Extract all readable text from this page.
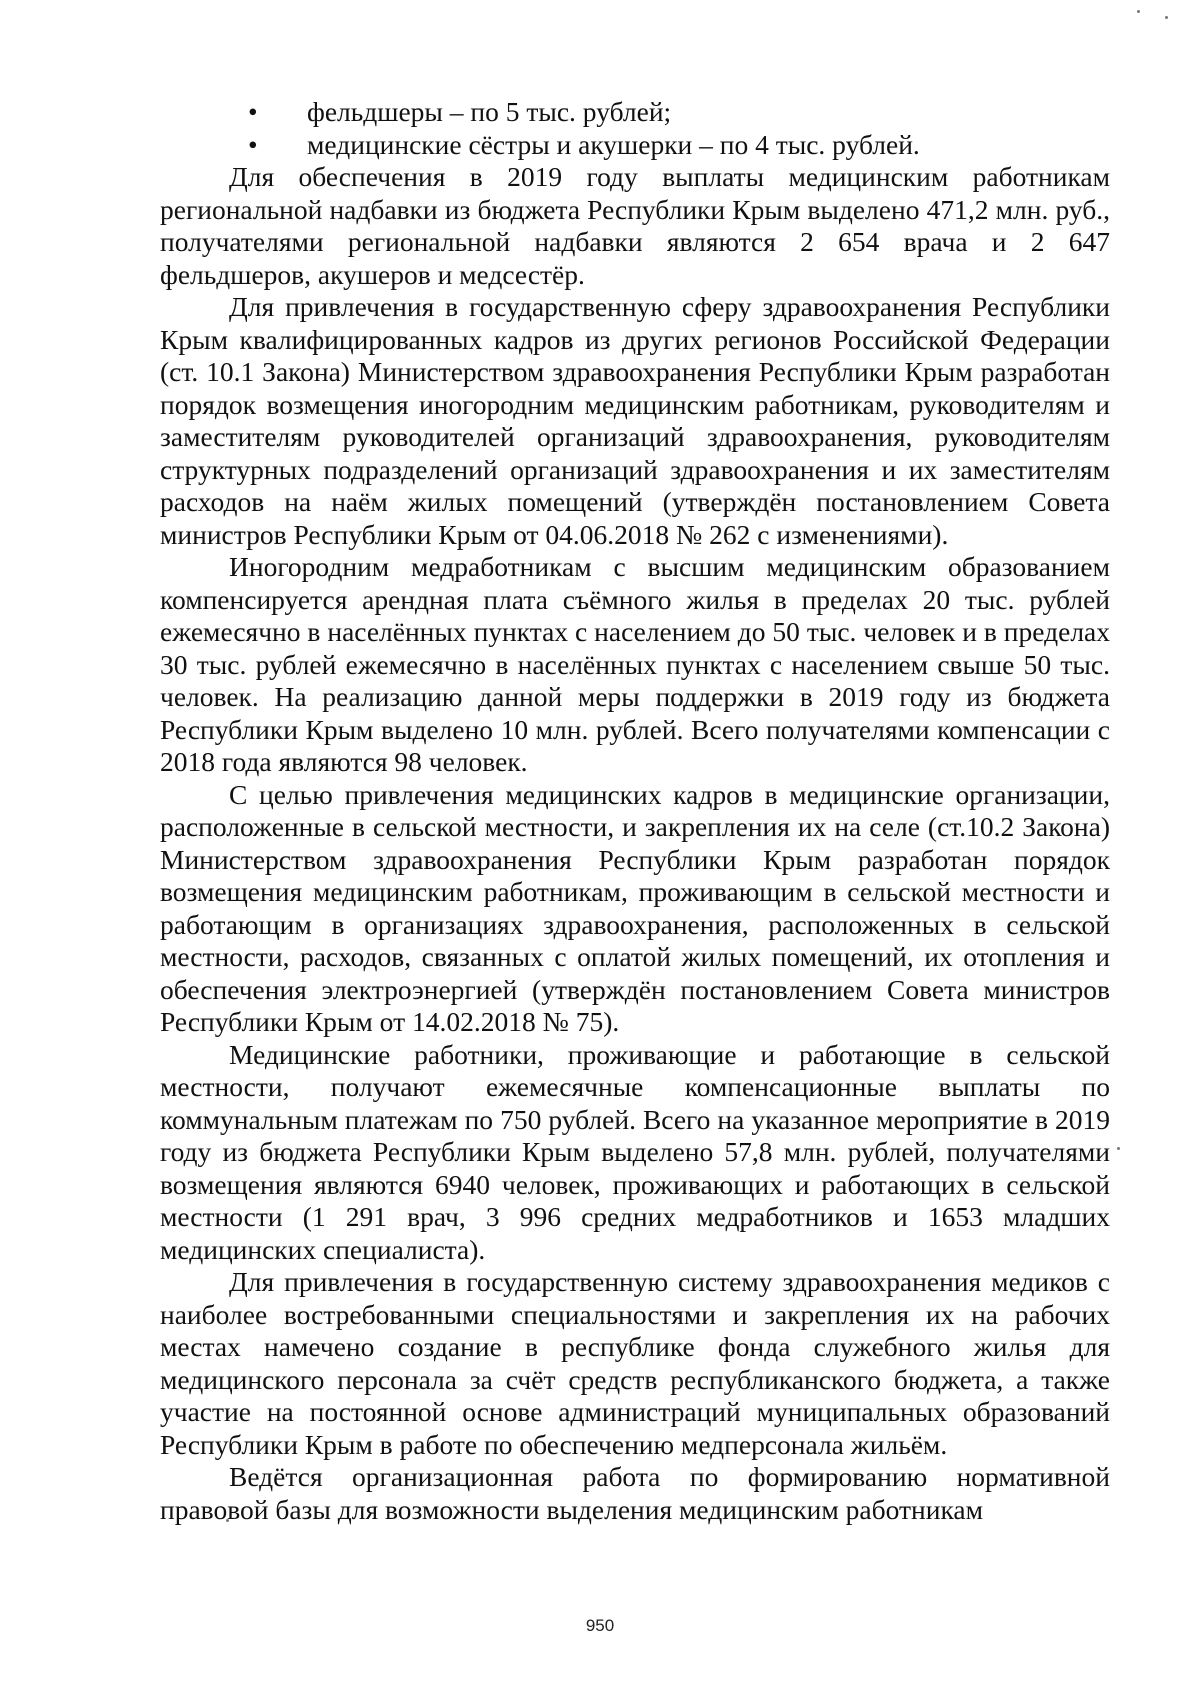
• фельдшеры – по 5 тыс. рублей;
• медицинские сёстры и акушерки – по 4 тыс. рублей.

Для обеспечения в 2019 году выплаты медицинским работникам региональной надбавки из бюджета Республики Крым выделено 471,2 млн. руб., получателями региональной надбавки являются 2 654 врача и 2 647 фельдшеров, акушеров и медсестёр.

Для привлечения в государственную сферу здравоохранения Республики Крым квалифицированных кадров из других регионов Российской Федерации (ст. 10.1 Закона) Министерством здравоохранения Республики Крым разработан порядок возмещения иногородним медицинским работникам, руководителям и заместителям руководителей организаций здравоохранения, руководителям структурных подразделений организаций здравоохранения и их заместителям расходов на наём жилых помещений (утверждён постановлением Совета министров Республики Крым от 04.06.2018 № 262 с изменениями).

Иногородним медработникам с высшим медицинским образованием компенсируется арендная плата съёмного жилья в пределах 20 тыс. рублей ежемесячно в населённых пунктах с населением до 50 тыс. человек и в пределах 30 тыс. рублей ежемесячно в населённых пунктах с населением свыше 50 тыс. человек. На реализацию данной меры поддержки в 2019 году из бюджета Республики Крым выделено 10 млн. рублей. Всего получателями компенсации с 2018 года являются 98 человек.

С целью привлечения медицинских кадров в медицинские организации, расположенные в сельской местности, и закрепления их на селе (ст.10.2 Закона) Министерством здравоохранения Республики Крым разработан порядок возмещения медицинским работникам, проживающим в сельской местности и работающим в организациях здравоохранения, расположенных в сельской местности, расходов, связанных с оплатой жилых помещений, их отопления и обеспечения электроэнергией (утверждён постановлением Совета министров Республики Крым от 14.02.2018 № 75).

Медицинские работники, проживающие и работающие в сельской местности, получают ежемесячные компенсационные выплаты по коммунальным платежам по 750 рублей. Всего на указанное мероприятие в 2019 году из бюджета Республики Крым выделено 57,8 млн. рублей, получателями возмещения являются 6940 человек, проживающих и работающих в сельской местности (1 291 врач, 3 996 средних медработников и 1653 младших медицинских специалиста).

Для привлечения в государственную систему здравоохранения медиков с наиболее востребованными специальностями и закрепления их на рабочих местах намечено создание в республике фонда служебного жилья для медицинского персонала за счёт средств республиканского бюджета, а также участие на постоянной основе администраций муниципальных образований Республики Крым в работе по обеспечению медперсонала жильём.

Ведётся организационная работа по формированию нормативной правовой базы для возможности выделения медицинским работникам

950
